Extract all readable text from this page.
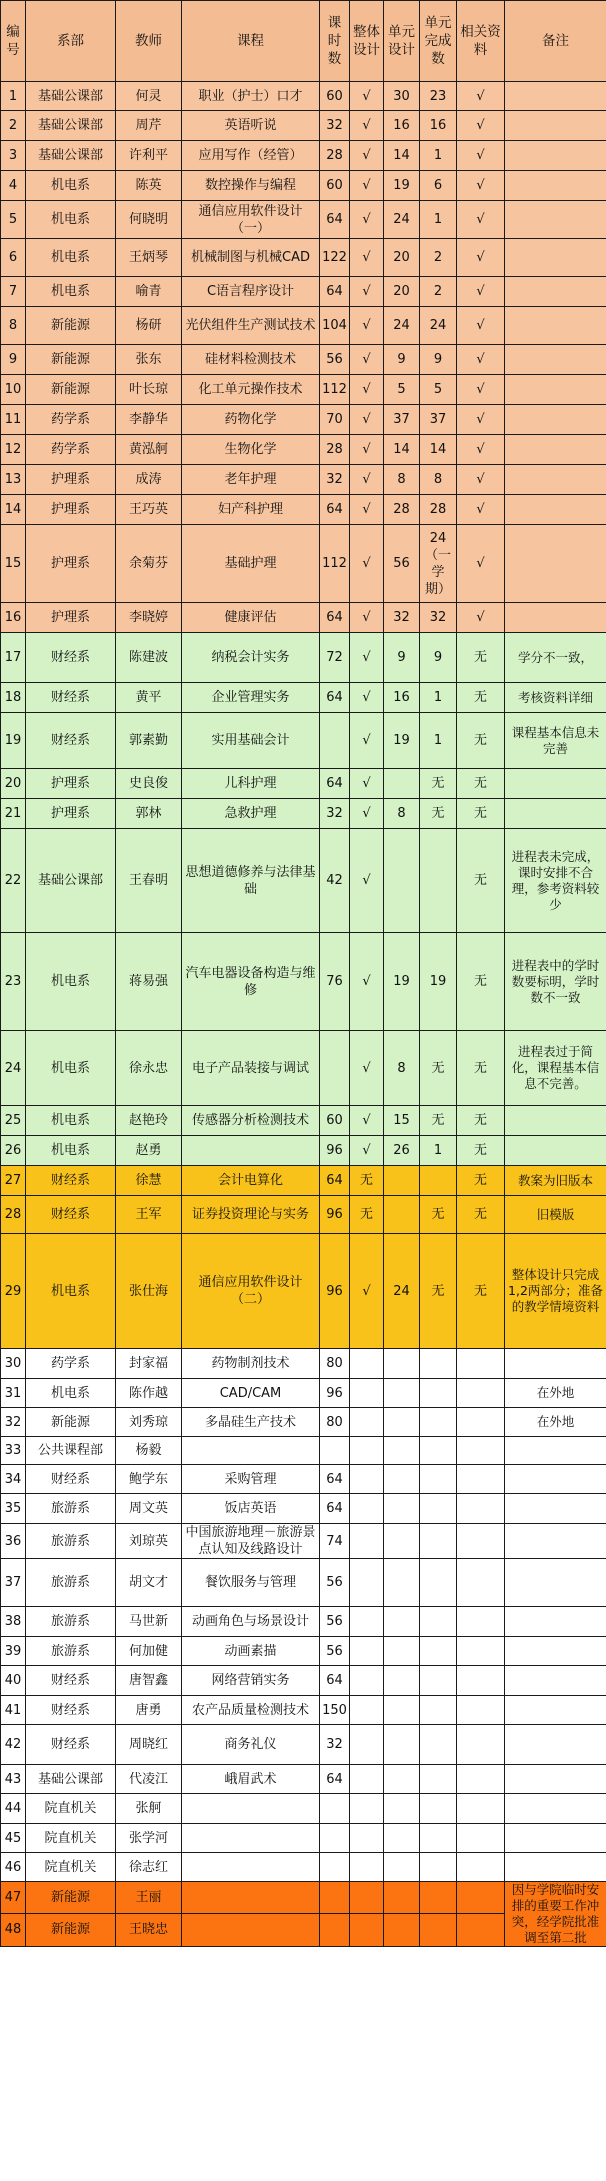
编号	系部	教师	课程	课时数	整体设计	单元设计	单元完成数	相关资料	备注
1	基础公课部	何灵	职业（护士）口才	60	√	30	23	√	
2	基础公课部	周芹	英语听说	32	√	16	16	√	
3	基础公课部	许利平	应用写作（经管）	28	√	14	1	√	
4	机电系	陈英	数控操作与编程	60	√	19	6	√	
5	机电系	何晓明	通信应用软件设计（一）	64	√	24	1	√	
6	机电系	王炳琴	机械制图与机械CAD	122	√	20	2	√	
7	机电系	喻青	C语言程序设计	64	√	20	2	√	
8	新能源	杨研	光伏组件生产测试技术	104	√	24	24	√	
9	新能源	张东	硅材料检测技术	56	√	9	9	√	
10	新能源	叶长琼	化工单元操作技术	112	√	5	5	√	
11	药学系	李静华	药物化学	70	√	37	37	√	
12	药学系	黄泓舸	生物化学	28	√	14	14	√	
13	护理系	成涛	老年护理	32	√	8	8	√	
14	护理系	王巧英	妇产科护理	64	√	28	28	√	
15	护理系	余菊芬	基础护理	112	√	56	24（一学期）	√	
16	护理系	李晓婷	健康评估	64	√	32	32	√	
17	财经系	陈建波	纳税会计实务	72	√	9	9	无	学分不一致，
18	财经系	黄平	企业管理实务	64	√	16	1	无	考核资料详细
19	财经系	郭素勤	实用基础会计		√	19	1	无	课程基本信息未完善
20	护理系	史良俊	儿科护理	64	√		无	无	
21	护理系	郭林	急救护理	32	√	8	无	无	
22	基础公课部	王春明	思想道德修养与法律基础	42	√			无	进程表未完成，课时安排不合理，参考资料较少
23	机电系	蒋易强	汽车电器设备构造与维修	76	√	19	19	无	进程表中的学时数要标明，学时数不一致
24	机电系	徐永忠	电子产品装接与调试		√	8	无	无	进程表过于简化，课程基本信息不完善。
25	机电系	赵艳玲	传感器分析检测技术	60	√	15	无	无	
26	机电系	赵勇		96	√	26	1	无	
27	财经系	徐慧	会计电算化	64	无			无	教案为旧版本
28	财经系	王军	证券投资理论与实务	96	无		无	无	旧模版
29	机电系	张仕海	通信应用软件设计（二）	96	√	24	无	无	整体设计只完成1,2两部分；准备的教学情境资料
30	药学系	封家福	药物制剂技术	80					
31	机电系	陈作越	CAD/CAM	96					在外地
32	新能源	刘秀琼	多晶硅生产技术	80					在外地
33	公共课程部	杨毅							
34	财经系	鲍学东	采购管理	64					
35	旅游系	周文英	饭店英语	64					
36	旅游系	刘琼英	中国旅游地理－旅游景点认知及线路设计	74					
37	旅游系	胡文才	餐饮服务与管理	56					
38	旅游系	马世新	动画角色与场景设计	56					
39	旅游系	何加健	动画素描	56					
40	财经系	唐智鑫	网络营销实务	64					
41	财经系	唐勇	农产品质量检测技术	150					
42	财经系	周晓红	商务礼仪	32					
43	基础公课部	代凌江	峨眉武术	64					
44	院直机关	张舸							
45	院直机关	张学河							
46	院直机关	徐志红							
47	新能源	王丽							因与学院临时安排的重要工作冲突，经学院批准调至第二批
48	新能源	王晓忠							
